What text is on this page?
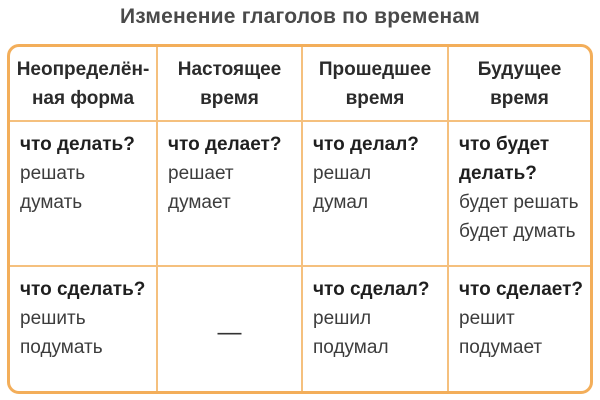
Изменение глаголов по временам
Неопределён-
ная форма
Настоящее
время
Прошедшее
время
Будущее
время
что делать?
решать
думать
что делает?
решает
думает
что делал?
решал
думал
что будет
делать?
будет решать
будет думать
что сделать?
решить
подумать
—
что сделал?
решил
подумал
что сделает?
решит
подумает
